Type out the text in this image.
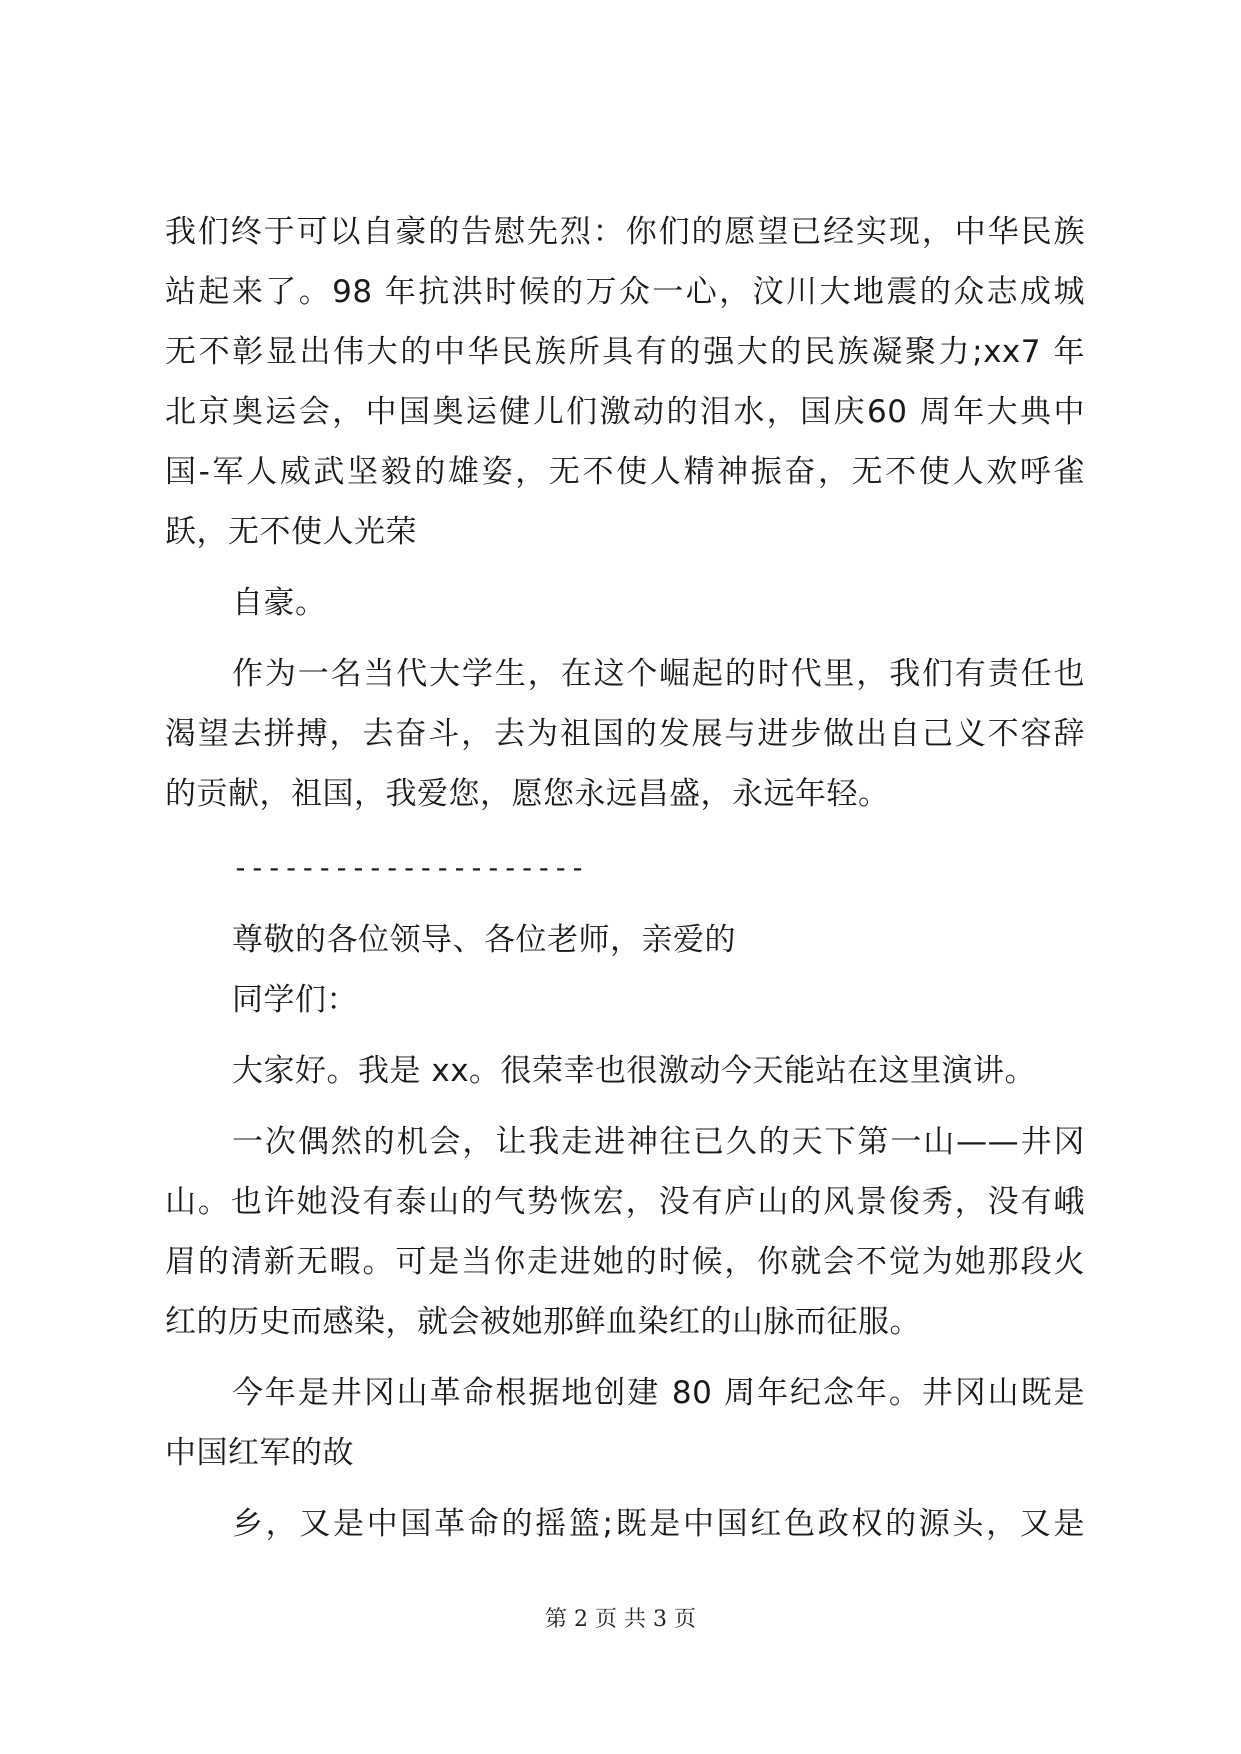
我们终于可以自豪的告慰先烈：你们的愿望已经实现，中华民族
站起来了。98 年抗洪时候的万众一心，汶川大地震的众志成城
无不彰显出伟大的中华民族所具有的强大的民族凝聚力;xx7 年
北京奥运会，中国奥运健儿们激动的泪水，国庆60 周年大典中
国-军人威武坚毅的雄姿，无不使人精神振奋，无不使人欢呼雀
跃，无不使人光荣
自豪。
作为一名当代大学生，在这个崛起的时代里，我们有责任也
渴望去拼搏，去奋斗，去为祖国的发展与进步做出自己义不容辞
的贡献，祖国，我爱您，愿您永远昌盛，永远年轻。
---------------------
尊敬的各位领导、各位老师，亲爱的
同学们：
大家好。我是 xx。很荣幸也很激动今天能站在这里演讲。
一次偶然的机会，让我走进神往已久的天下第一山——井冈
山。也许她没有泰山的气势恢宏，没有庐山的风景俊秀，没有峨
眉的清新无暇。可是当你走进她的时候，你就会不觉为她那段火
红的历史而感染，就会被她那鲜血染红的山脉而征服。
今年是井冈山革命根据地创建 80 周年纪念年。井冈山既是
中国红军的故
乡，又是中国革命的摇篮;既是中国红色政权的源头，又是
第 2 页 共 3 页
